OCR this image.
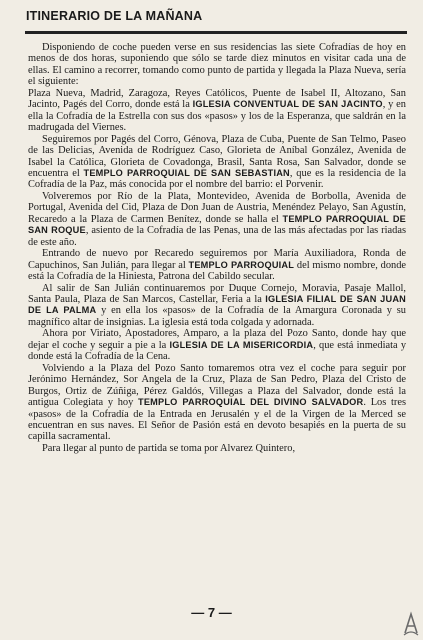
ITINERARIO DE LA MAÑANA

Disponiendo de coche pueden verse en sus residencias las siete Cofradías de hoy en menos de dos horas, suponiendo que sólo se tarde diez minutos en visitar cada una de ellas. El camino a recorrer, tomando como punto de partida y llegada la Plaza Nueva, sería el siguiente:
Plaza Nueva, Madrid, Zaragoza, Reyes Católicos, Puente de Isabel II, Altozano, San Jacinto, Pagés del Corro, donde está la IGLESIA CONVENTUAL DE SAN JACINTO, y en ella la Cofradía de la Estrella con sus dos «pasos» y los de la Esperanza, que saldrán en la madrugada del Viernes.

Seguiremos por Pagés del Corro, Génova, Plaza de Cuba, Puente de San Telmo, Paseo de las Delicias, Avenida de Rodríguez Caso, Glorieta de Aníbal González, Avenida de Isabel la Católica, Glorieta de Covadonga, Brasil, Santa Rosa, San Salvador, donde se encuentra el TEMPLO PARROQUIAL DE SAN SEBASTIAN, que es la residencia de la Cofradía de la Paz, más conocida por el nombre del barrio: el Porvenir.

Volveremos por Río de la Plata, Montevideo, Avenida de Borbolla, Avenida de Portugal, Avenida del Cid, Plaza de Don Juan de Austria, Menéndez Pelayo, San Agustín, Recaredo a la Plaza de Carmen Benítez, donde se halla el TEMPLO PARROQUIAL DE SAN ROQUE, asiento de la Cofradía de las Penas, una de las más afectadas por las riadas de este año.

Entrando de nuevo por Recaredo seguiremos por María Auxiliadora, Ronda de Capuchinos, San Julián, para llegar al TEMPLO PARROQUIAL del mismo nombre, donde está la Cofradía de la Hiniesta, Patrona del Cabildo secular.

Al salir de San Julián continuaremos por Duque Cornejo, Moravia, Pasaje Mallol, Santa Paula, Plaza de San Marcos, Castellar, Feria a la IGLESIA FILIAL DE SAN JUAN DE LA PALMA y en ella los «pasos» de la Cofradía de la Amargura Coronada y su magnífico altar de insignias. La iglesia está toda colgada y adornada.

Ahora por Viriato, Apostadores, Amparo, a la plaza del Pozo Santo, donde hay que dejar el coche y seguir a pie a la IGLESIA DE LA MISERICORDIA, que está inmediata y donde está la Cofradía de la Cena.

Volviendo a la Plaza del Pozo Santo tomaremos otra vez el coche para seguir por Jerónimo Hernández, Sor Angela de la Cruz, Plaza de San Pedro, Plaza del Cristo de Burgos, Ortiz de Zúñiga, Pérez Galdós, Villegas a Plaza del Salvador, donde está la antigua Colegiata y hoy TEMPLO PARROQUIAL DEL DIVINO SALVADOR. Los tres «pasos» de la Cofradía de la Entrada en Jerusalén y el de la Virgen de la Merced se encuentran en sus naves. El Señor de Pasión está en devoto besapiés en la puerta de su capilla sacramental.

Para llegar al punto de partida se toma por Alvarez Quintero,

— 7 —
